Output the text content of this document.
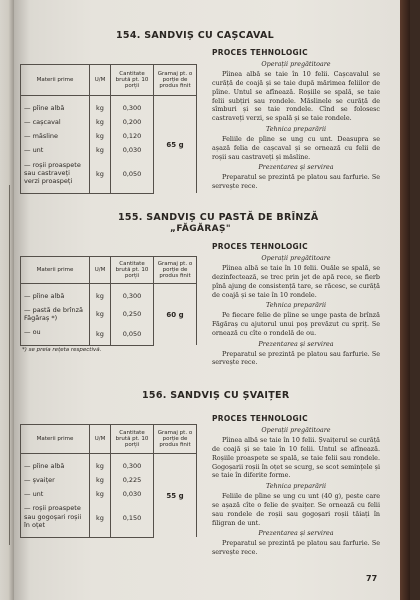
154. SANDVIȘ CU CAȘCAVAL
Materii prime	U/M	Cantitate brută pt. 10 porții	Gramaj pt. o porție de produs finit
— pîine albă	kg	0,300	65 g
— cașcaval	kg	0,200	
— măsline	kg	0,120	
— unt	kg	0,030	
— roșii proaspete sau castraveți verzi proaspeți	kg	0,050	
PROCES TEHNOLOGIC
Operații pregătitoare

Pîinea albă se taie în 10 felii. Cașcavalul se curăță de coajă și se taie după mărimea feliilor de pîine. Untul se afînează. Roșiile se spală, se taie felii subțiri sau rondele. Măslinele se curăță de sîmburi și se taie rondele. Cînd se folosesc castraveți verzi, se spală și se taie rondele.

Tehnica preparării

Feliile de pîine se ung cu unt. Deasupra se așază felia de cașcaval și se ornează cu felii de roșii sau castraveți și măsline.

Prezentarea și servirea

Preparatul se prezintă pe platou sau farfurie. Se servește rece.

155. SANDVIȘ CU PASTĂ DE BRÎNZĂ
„FĂGĂRAȘ"
Materii prime	U/M	Cantitate brută pt. 10 porții	Gramaj pt. o porție de produs finit
— pîine albă	kg	0,300	60 g
— pastă de brînză Făgăraș *)	kg	0,250	
— ou	kg	0,050	
*) se preia rețeta respectivă.
PROCES TEHNOLOGIC
Operații pregătitoare

Pîinea albă se taie în 10 felii. Ouăle se spală, se dezinfectează, se trec prin jet de apă rece, se fierb pînă ajung de consistență tare, se răcesc, se curăță de coajă și se taie în 10 rondele.

Tehnica preparării

Pe fiecare felie de pîine se unge pasta de brînză Făgăraș cu ajutorul unui poș prevăzut cu spriț. Se ornează cu cîte o rondelă de ou.

Prezentarea și servirea

Preparatul se prezintă pe platou sau farfurie. Se servește rece.

156. SANDVIȘ CU ȘVAIȚER
Materii prime	U/M	Cantitate brută pt. 10 porții	Gramaj pt. o porție de produs finit
— pîine albă	kg	0,300	55 g
— șvaițer	kg	0,225	
— unt	kg	0,030	
— roșii proaspete sau gogoșari roșii în oțet	kg	0,150	
PROCES TEHNOLOGIC
Operații pregătitoare

Pîinea albă se taie în 10 felii. Șvaițerul se curăță de coajă și se taie în 10 felii. Untul se afînează. Roșiile proaspete se spală, se taie felii sau rondele. Gogoșarii roșii în oțet se scurg, se scot semințele și se taie în diferite forme.

Tehnica preparării

Feliile de pîine se ung cu unt (40 g), peste care se așază cîte o felie de șvaițer. Se ornează cu felii sau rondele de roșii sau gogoșari roșii tăiați în filigran de unt.

Prezentarea și servirea

Preparatul se prezintă pe platou sau farfurie. Se servește rece.

77
